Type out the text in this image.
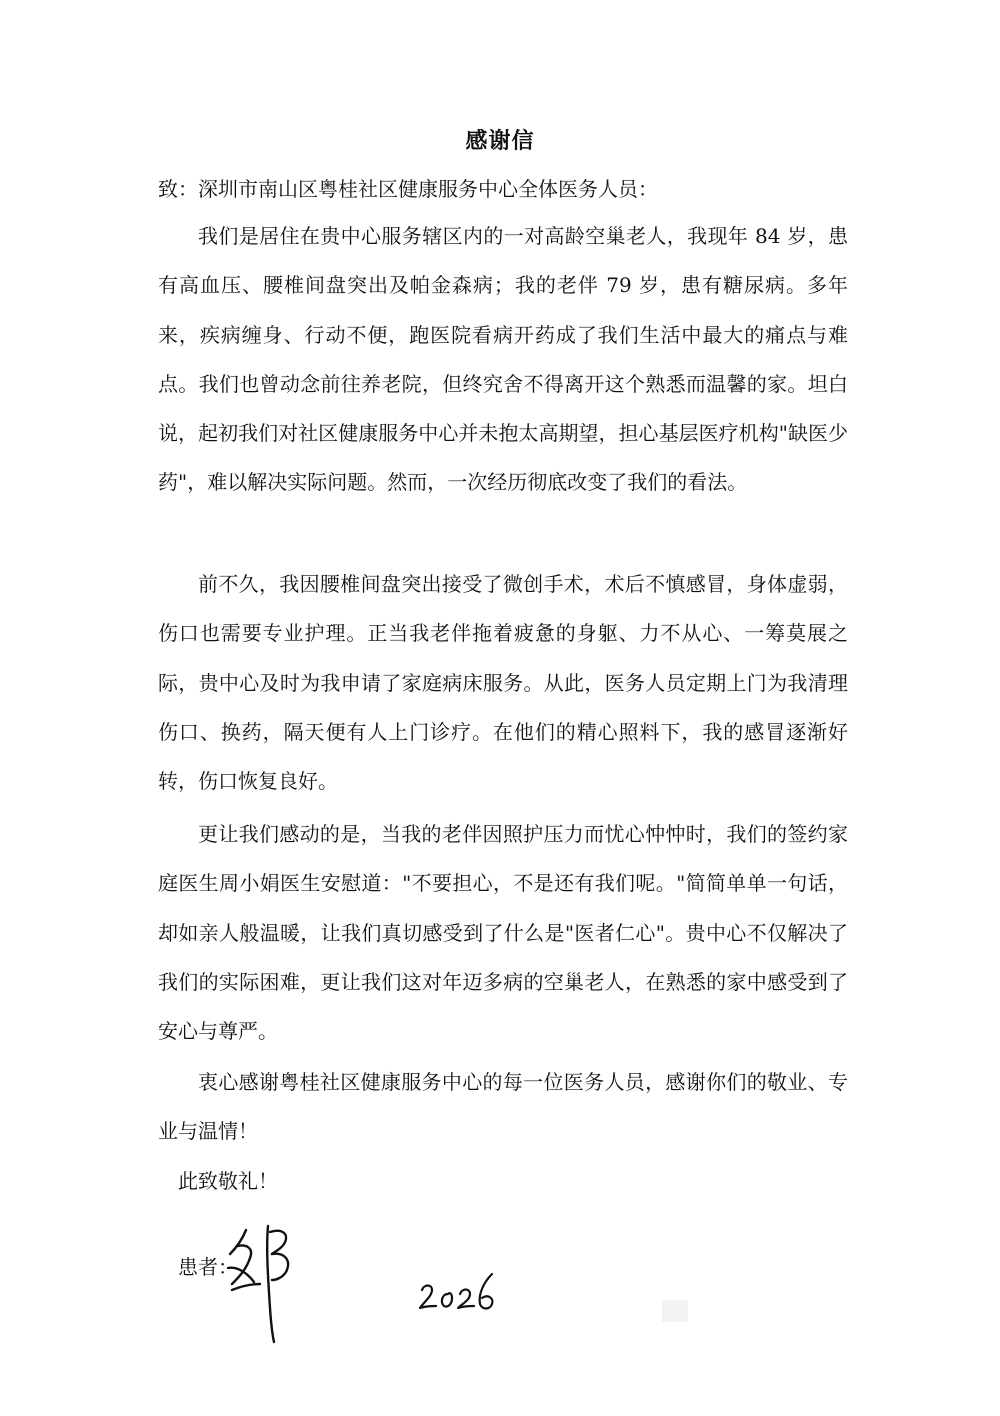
感谢信
致：深圳市南山区粤桂社区健康服务中心全体医务人员：

我们是居住在贵中心服务辖区内的一对高龄空巢老人，我现年 84 岁，患有高血压、腰椎间盘突出及帕金森病；我的老伴 79 岁，患有糖尿病。多年来，疾病缠身、行动不便，跑医院看病开药成了我们生活中最大的痛点与难点。我们也曾动念前往养老院，但终究舍不得离开这个熟悉而温馨的家。坦白说，起初我们对社区健康服务中心并未抱太高期望，担心基层医疗机构"缺医少药"，难以解决实际问题。然而，一次经历彻底改变了我们的看法。

前不久，我因腰椎间盘突出接受了微创手术，术后不慎感冒，身体虚弱，伤口也需要专业护理。正当我老伴拖着疲惫的身躯、力不从心、一筹莫展之际，贵中心及时为我申请了家庭病床服务。从此，医务人员定期上门为我清理伤口、换药，隔天便有人上门诊疗。在他们的精心照料下，我的感冒逐渐好转，伤口恢复良好。

更让我们感动的是，当我的老伴因照护压力而忧心忡忡时，我们的签约家庭医生周小娟医生安慰道："不要担心，不是还有我们呢。"简简单单一句话，却如亲人般温暖，让我们真切感受到了什么是"医者仁心"。贵中心不仅解决了我们的实际困难，更让我们这对年迈多病的空巢老人，在熟悉的家中感受到了安心与尊严。

衷心感谢粤桂社区健康服务中心的每一位医务人员，感谢你们的敬业、专业与温情！

此致敬礼！
患者：
